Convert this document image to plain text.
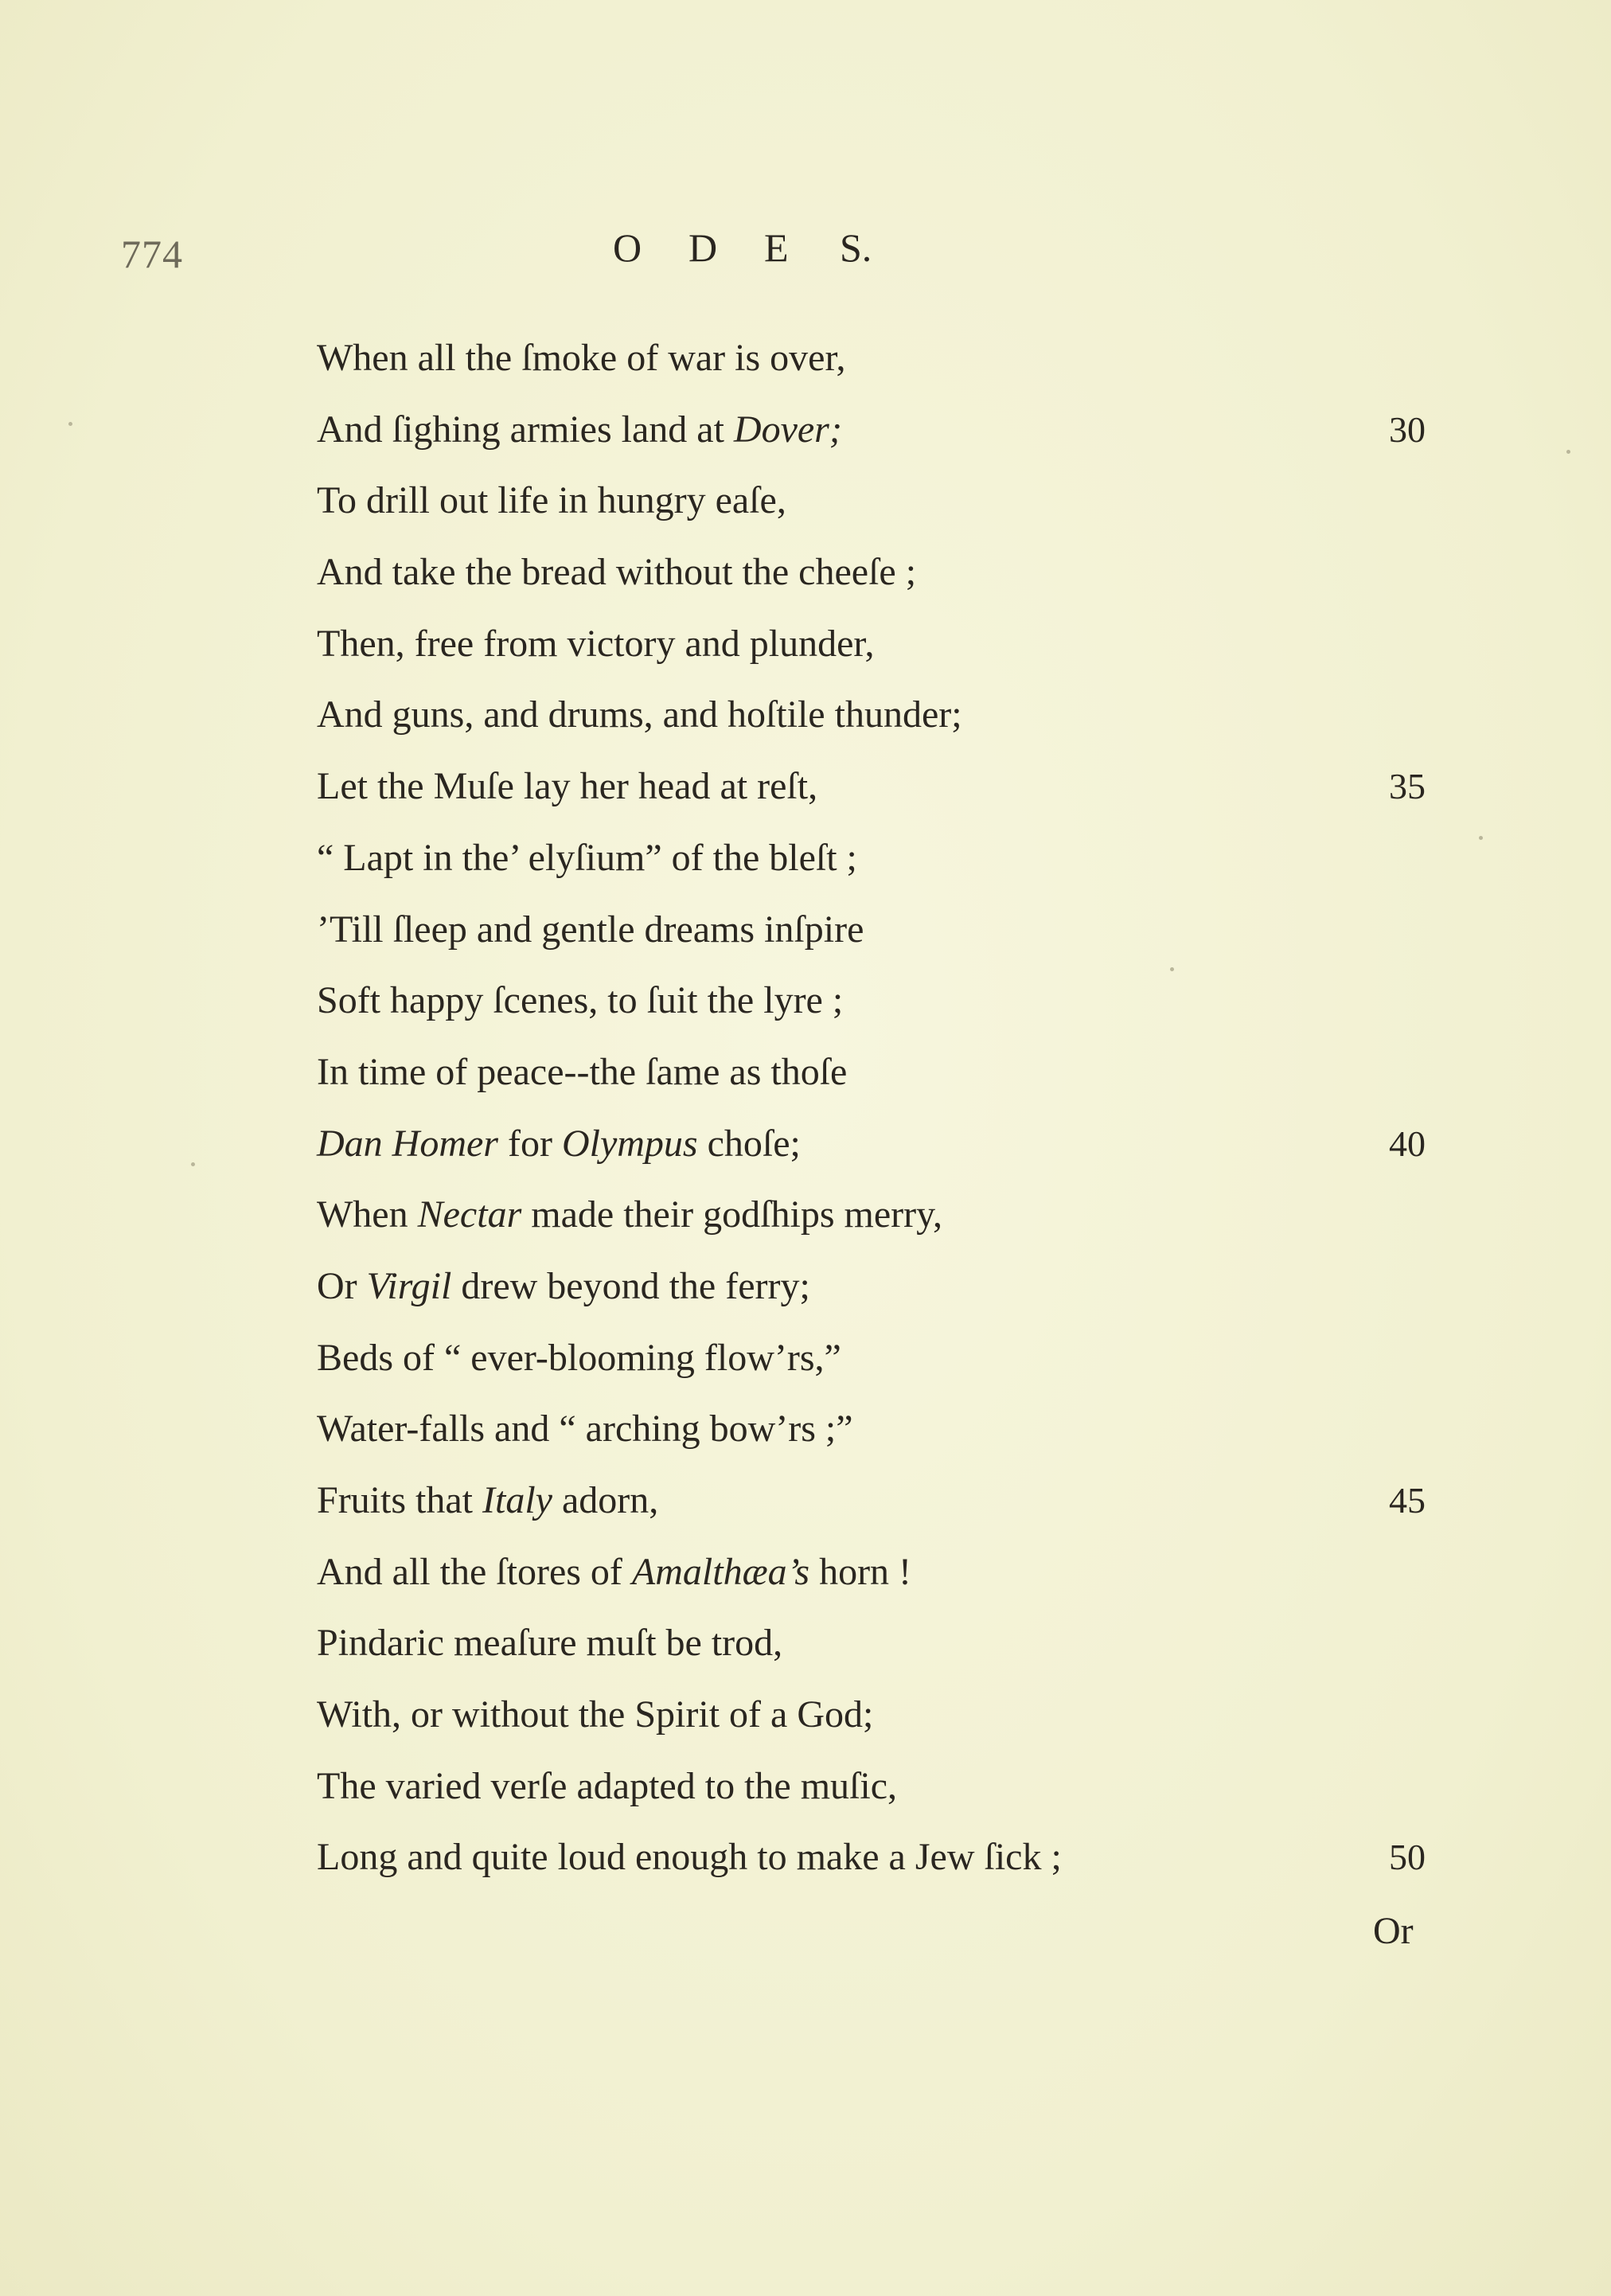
774	O D E S.
When all the ſmoke of war is over,
And ſighing armies land at Dover;	30
To drill out life in hungry eaſe,
And take the bread without the cheeſe ;
Then, free from victory and plunder,
And guns, and drums, and hoſtile thunder;
Let the Muſe lay her head at reſt,	35
“ Lapt in the’ elyſium” of the bleſt ;
’Till ſleep and gentle dreams inſpire
Soft happy ſcenes, to ſuit the lyre ;
In time of peace--the ſame as thoſe
Dan Homer for Olympus choſe;	40
When Nectar made their godſhips merry,
Or Virgil drew beyond the ferry;
Beds of “ ever-blooming flow’rs,”
Water-falls and “ arching bow’rs ;”
Fruits that Italy adorn,	45
And all the ſtores of Amalthæa’s horn !
Pindaric meaſure muſt be trod,
With, or without the Spirit of a God;
The varied verſe adapted to the muſic,
Long and quite loud enough to make a Jew ſick ;	50
Or
